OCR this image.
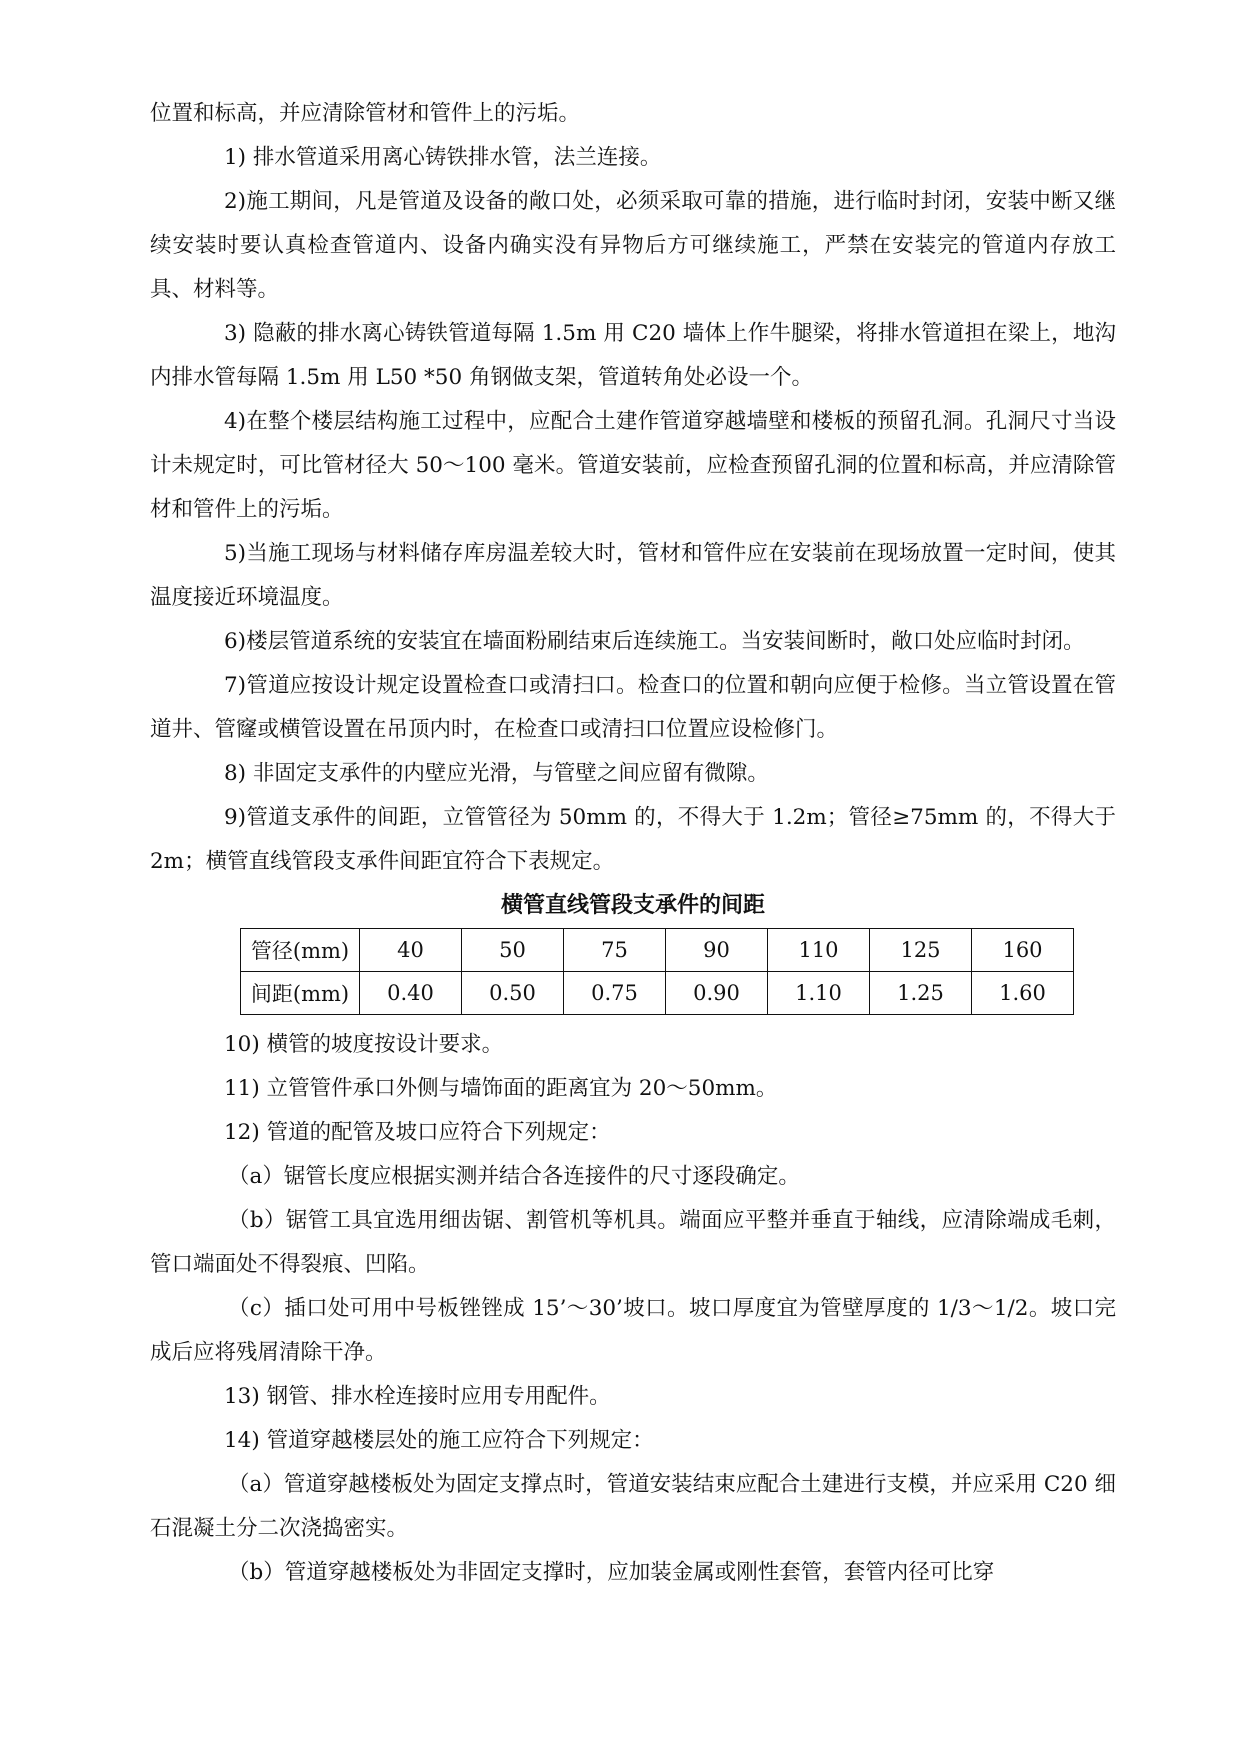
位置和标高，并应清除管材和管件上的污垢。

1) 排水管道采用离心铸铁排水管，法兰连接。

2)施工期间，凡是管道及设备的敞口处，必须采取可靠的措施，进行临时封闭，安装中断又继续安装时要认真检查管道内、设备内确实没有异物后方可继续施工，严禁在安装完的管道内存放工具、材料等。

3) 隐蔽的排水离心铸铁管道每隔 1.5m 用 C20 墙体上作牛腿梁，将排水管道担在梁上，地沟内排水管每隔 1.5m 用 L50 *50 角钢做支架，管道转角处必设一个。

4)在整个楼层结构施工过程中，应配合土建作管道穿越墙壁和楼板的预留孔洞。孔洞尺寸当设计未规定时，可比管材径大 50～100 毫米。管道安装前，应检查预留孔洞的位置和标高，并应清除管材和管件上的污垢。

5)当施工现场与材料储存库房温差较大时，管材和管件应在安装前在现场放置一定时间，使其温度接近环境温度。

6)楼层管道系统的安装宜在墙面粉刷结束后连续施工。当安装间断时，敞口处应临时封闭。

7)管道应按设计规定设置检查口或清扫口。检查口的位置和朝向应便于检修。当立管设置在管道井、管窿或横管设置在吊顶内时，在检查口或清扫口位置应设检修门。

8) 非固定支承件的内壁应光滑，与管壁之间应留有微隙。

9)管道支承件的间距，立管管径为 50mm 的，不得大于 1.2m；管径≥75mm 的，不得大于 2m；横管直线管段支承件间距宜符合下表规定。

横管直线管段支承件的间距
管径(mm)	40	50	75	90	110	125	160
间距(mm)	0.40	0.50	0.75	0.90	1.10	1.25	1.60

10) 横管的坡度按设计要求。

11) 立管管件承口外侧与墙饰面的距离宜为 20～50mm。

12) 管道的配管及坡口应符合下列规定：

（a）锯管长度应根据实测并结合各连接件的尺寸逐段确定。

（b）锯管工具宜选用细齿锯、割管机等机具。端面应平整并垂直于轴线，应清除端成毛刺，管口端面处不得裂痕、凹陷。

（c）插口处可用中号板锉锉成 15’～30’坡口。坡口厚度宜为管壁厚度的 1/3～1/2。坡口完成后应将残屑清除干净。

13) 钢管、排水栓连接时应用专用配件。

14) 管道穿越楼层处的施工应符合下列规定：

（a）管道穿越楼板处为固定支撑点时，管道安装结束应配合土建进行支模，并应采用 C20 细石混凝土分二次浇捣密实。

（b）管道穿越楼板处为非固定支撑时，应加装金属或刚性套管，套管内径可比穿
